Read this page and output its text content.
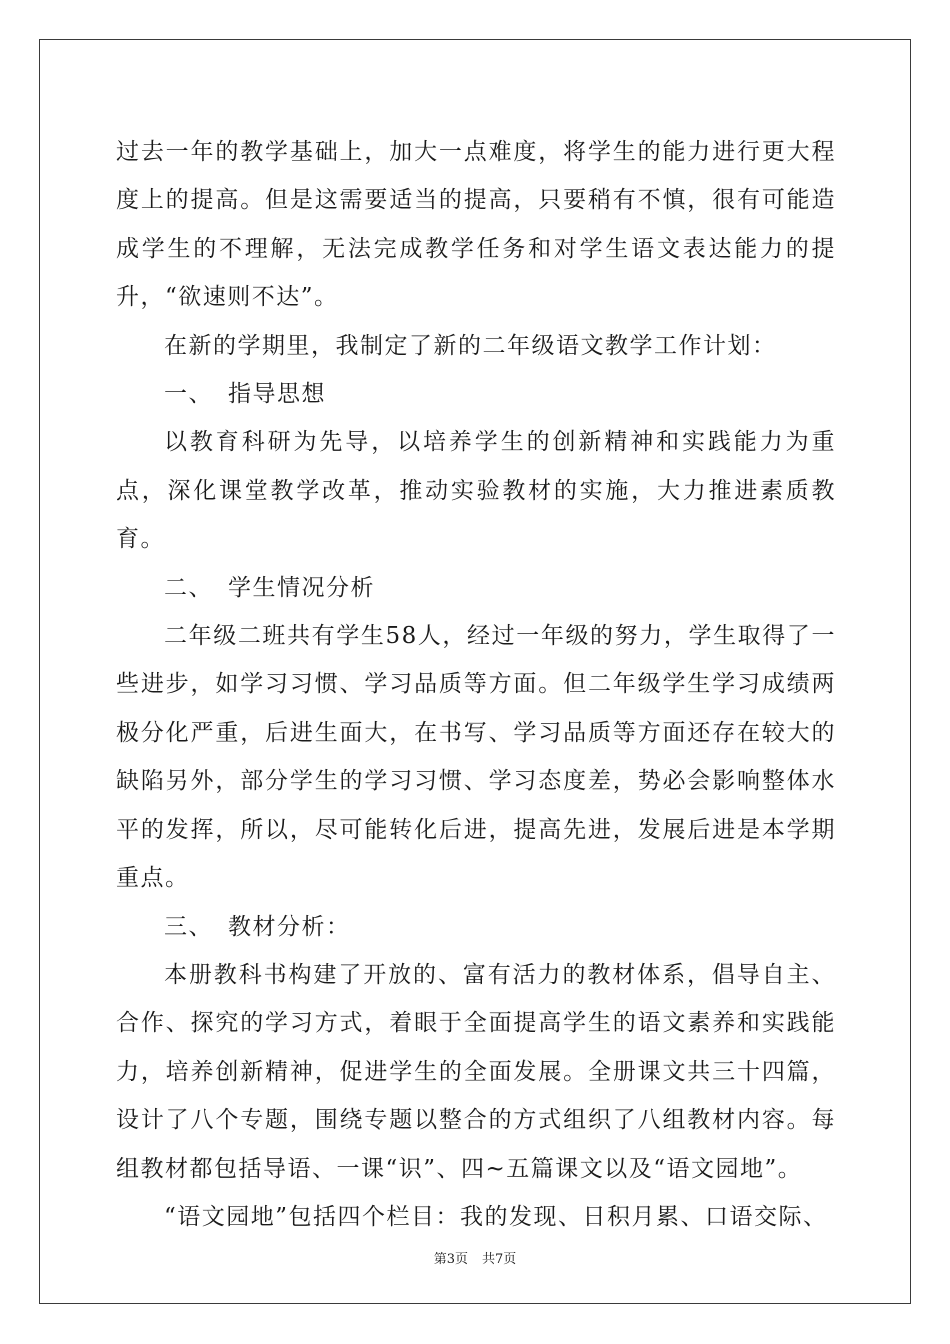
过去一年的教学基础上，加大一点难度，将学生的能力进行更大程度上的提高。但是这需要适当的提高，只要稍有不慎，很有可能造成学生的不理解，无法完成教学任务和对学生语文表达能力的提升，“欲速则不达”。

在新的学期里，我制定了新的二年级语文教学工作计划：

一、 指导思想

以教育科研为先导，以培养学生的创新精神和实践能力为重点，深化课堂教学改革，推动实验教材的实施，大力推进素质教育。

二、 学生情况分析

二年级二班共有学生58人，经过一年级的努力，学生取得了一些进步，如学习习惯、学习品质等方面。但二年级学生学习成绩两极分化严重，后进生面大，在书写、学习品质等方面还存在较大的缺陷另外，部分学生的学习习惯、学习态度差，势必会影响整体水平的发挥，所以，尽可能转化后进，提高先进，发展后进是本学期重点。

三、 教材分析：

本册教科书构建了开放的、富有活力的教材体系，倡导自主、合作、探究的学习方式，着眼于全面提高学生的语文素养和实践能力，培养创新精神，促进学生的全面发展。全册课文共三十四篇，设计了八个专题，围绕专题以整合的方式组织了八组教材内容。每组教材都包括导语、一课“识”、四~五篇课文以及“语文园地”。

“语文园地”包括四个栏目：我的发现、日积月累、口语交际、

第3页 共7页
